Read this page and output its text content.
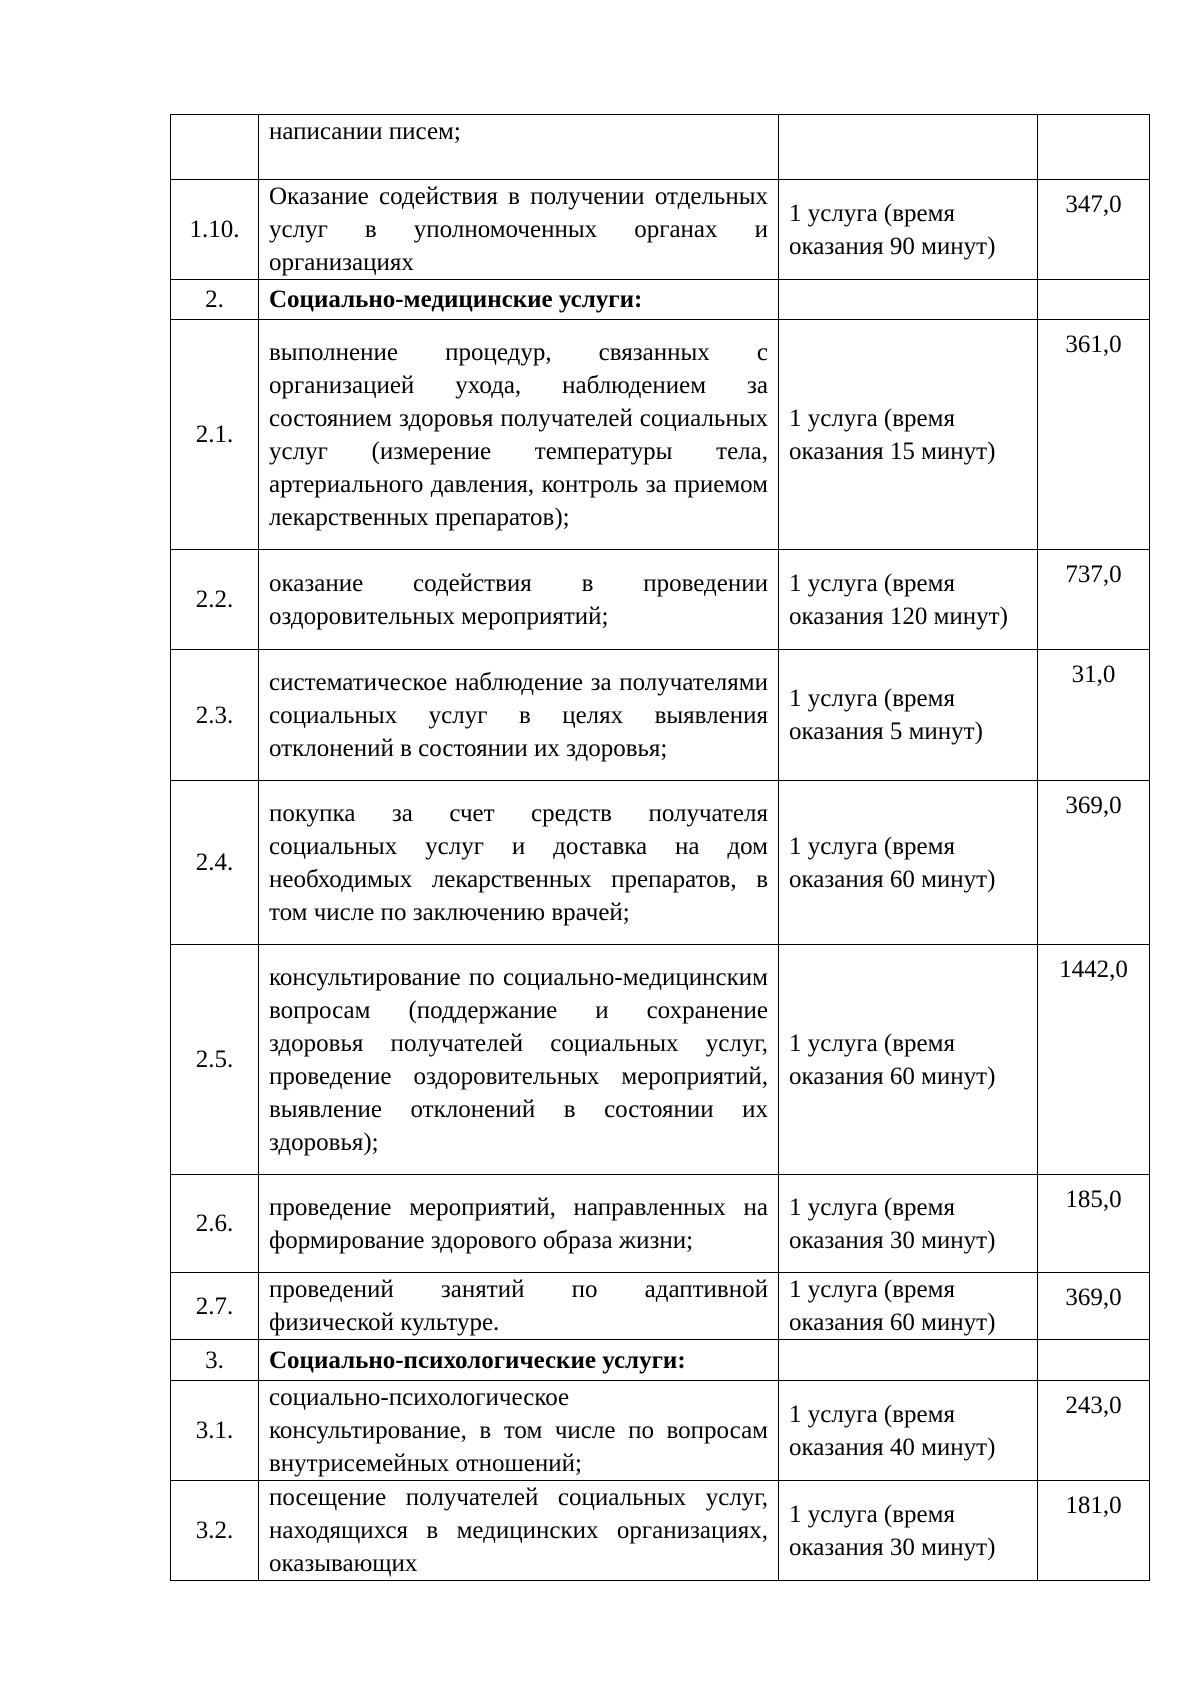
	написании писем;		
1.10.	Оказание содействия в получении отдельных услуг в уполномоченных органах и организациях	1 услуга (время оказания 90 минут)	347,0
2.	Социально-медицинские услуги:		
2.1.	выполнение процедур, связанных с организацией ухода, наблюдением за состоянием здоровья получателей социальных услуг (измерение температуры тела, артериального давления, контроль за приемом лекарственных препаратов);	1 услуга (время оказания 15 минут)	361,0
2.2.	оказание содействия в проведении оздоровительных мероприятий;	1 услуга (время оказания 120 минут)	737,0
2.3.	систематическое наблюдение за получателями социальных услуг в целях выявления отклонений в состоянии их здоровья;	1 услуга (время оказания 5 минут)	31,0
2.4.	покупка за счет средств получателя социальных услуг и доставка на дом необходимых лекарственных препаратов, в том числе по заключению врачей;	1 услуга (время оказания 60 минут)	369,0
2.5.	консультирование по социально-медицинским вопросам (поддержание и сохранение здоровья получателей социальных услуг, проведение оздоровительных мероприятий, выявление отклонений в состоянии их здоровья);	1 услуга (время оказания 60 минут)	1442,0
2.6.	проведение мероприятий, направленных на формирование здорового образа жизни;	1 услуга (время оказания 30 минут)	185,0
2.7.	проведений занятий по адаптивной физической культуре.	1 услуга (время оказания 60 минут)	369,0
3.	Социально-психологические услуги:		
3.1.	социально-психологическое консультирование, в том числе по вопросам внутрисемейных отношений;	1 услуга (время оказания 40 минут)	243,0
3.2.	посещение получателей социальных услуг, находящихся в медицинских организациях, оказывающих	1 услуга (время оказания 30 минут)	181,0
